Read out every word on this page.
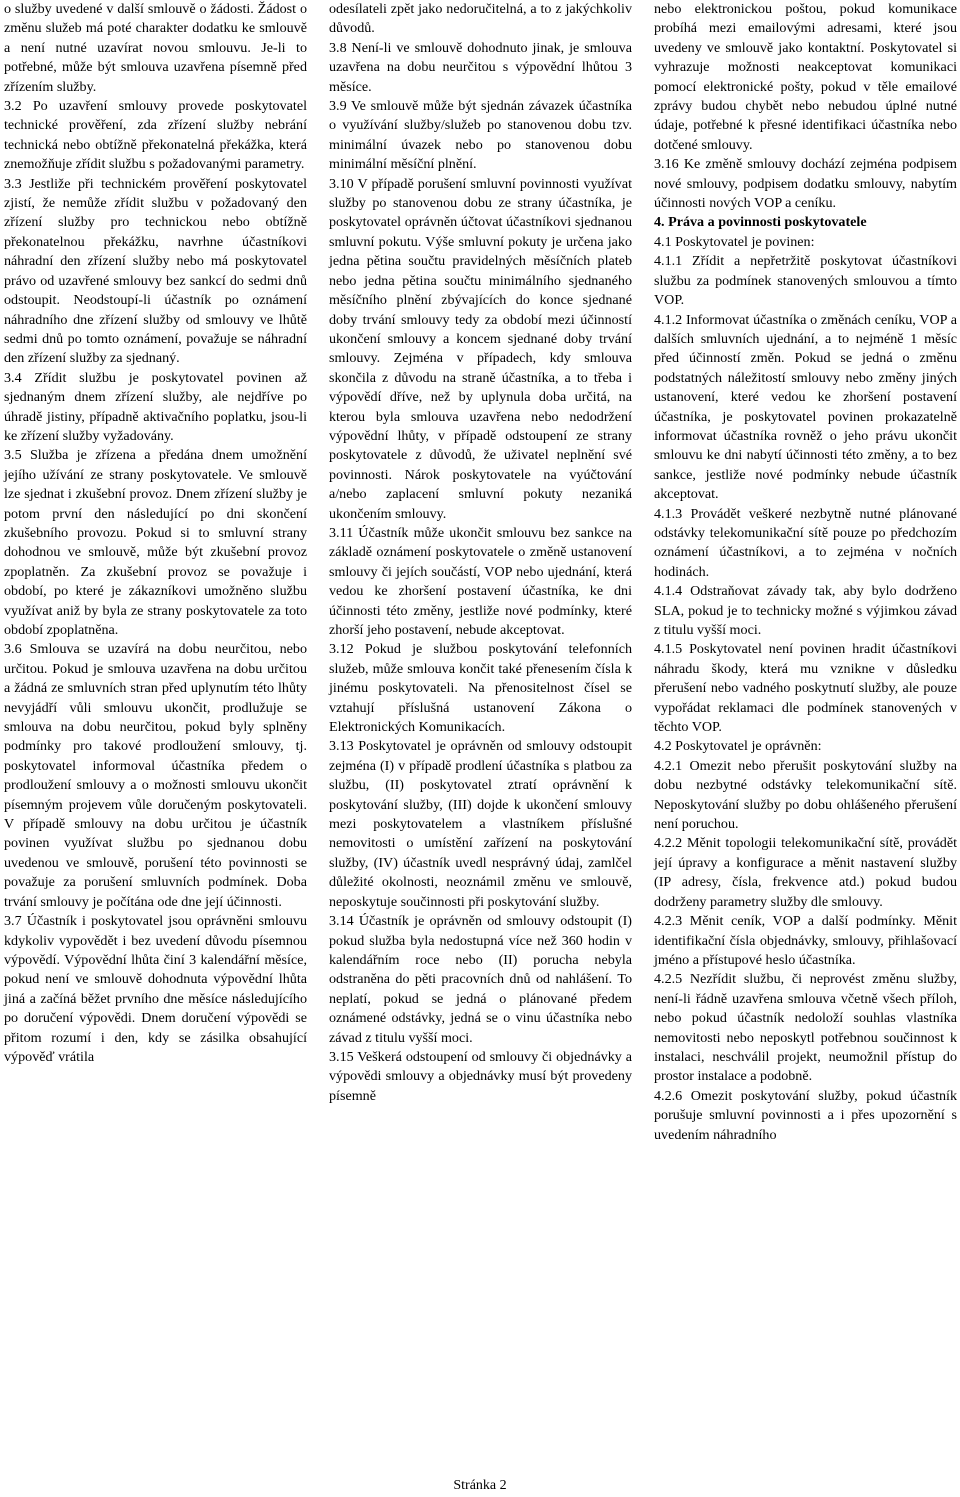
o služby uvedené v další smlouvě o žádosti. Žádost o změnu služeb má poté charakter dodatku ke smlouvě a není nutné uzavírat novou smlouvu. Je-li to potřebné, může být smlouva uzavřena písemně před zřízením služby.

3.2 Po uzavření smlouvy provede poskytovatel technické prověření, zda zřízení služby nebrání technická nebo obtížně překonatelná překážka, která znemožňuje zřídit službu s požadovanými parametry.

3.3 Jestliže při technickém prověření poskytovatel zjistí, že nemůže zřídit službu v požadovaný den zřízení služby pro technickou nebo obtížně překonatelnou překážku, navrhne účastníkovi náhradní den zřízení služby nebo má poskytovatel právo od uzavřené smlouvy bez sankcí do sedmi dnů odstoupit. Neodstoupí-li účastník po oznámení náhradního dne zřízení služby od smlouvy ve lhůtě sedmi dnů po tomto oznámení, považuje se náhradní den zřízení služby za sjednaný.

3.4 Zřídit službu je poskytovatel povinen až sjednaným dnem zřízení služby, ale nejdříve po úhradě jistiny, případně aktivačního poplatku, jsou-li ke zřízení služby vyžadovány.

3.5 Služba je zřízena a předána dnem umožnění jejího užívání ze strany poskytovatele. Ve smlouvě lze sjednat i zkušební provoz. Dnem zřízení služby je potom první den následující po dni skončení zkušebního provozu. Pokud si to smluvní strany dohodnou ve smlouvě, může být zkušební provoz zpoplatněn. Za zkušební provoz se považuje i období, po které je zákazníkovi umožněno službu využívat aniž by byla ze strany poskytovatele za toto období zpoplatněna.

3.6 Smlouva se uzavírá na dobu neurčitou, nebo určitou. Pokud je smlouva uzavřena na dobu určitou a žádná ze smluvních stran před uplynutím této lhůty nevyjádří vůli smlouvu ukončit, prodlužuje se smlouva na dobu neurčitou, pokud byly splněny podmínky pro takové prodloužení smlouvy, tj. poskytovatel informoval účastníka předem o prodloužení smlouvy a o možnosti smlouvu ukončit písemným projevem vůle doručeným poskytovateli. V případě smlouvy na dobu určitou je účastník povinen využívat službu po sjednanou dobu uvedenou ve smlouvě, porušení této povinnosti se považuje za porušení smluvních podmínek. Doba trvání smlouvy je počítána ode dne její účinnosti.

3.7 Účastník i poskytovatel jsou oprávněni smlouvu kdykoliv vypovědět i bez uvedení důvodu písemnou výpovědí. Výpovědní lhůta činí 3 kalendářní měsíce, pokud není ve smlouvě dohodnuta výpovědní lhůta jiná a začíná běžet prvního dne měsíce následujícího po doručení výpovědi. Dnem doručení výpovědi se přitom rozumí i den, kdy se zásilka obsahující výpověď vrátila

odesílateli zpět jako nedoručitelná, a to z jakýchkoliv důvodů.

3.8 Není-li ve smlouvě dohodnuto jinak, je smlouva uzavřena na dobu neurčitou s výpovědní lhůtou 3 měsíce.

3.9 Ve smlouvě může být sjednán závazek účastníka o využívání služby/služeb po stanovenou dobu tzv. minimální úvazek nebo po stanovenou dobu minimální měsíční plnění.

3.10 V případě porušení smluvní povinnosti využívat služby po stanovenou dobu ze strany účastníka, je poskytovatel oprávněn účtovat účastníkovi sjednanou smluvní pokutu. Výše smluvní pokuty je určena jako jedna pětina součtu pravidelných měsíčních plateb nebo jedna pětina součtu minimálního sjednaného měsíčního plnění zbývajících do konce sjednané doby trvání smlouvy tedy za období mezi účinností ukončení smlouvy a koncem sjednané doby trvání smlouvy. Zejména v případech, kdy smlouva skončila z důvodu na straně účastníka, a to třeba i výpovědí dříve, než by uplynula doba určitá, na kterou byla smlouva uzavřena nebo nedodržení výpovědní lhůty, v případě odstoupení ze strany poskytovatele z důvodů, že uživatel neplnění své povinnosti. Nárok poskytovatele na vyúčtování a/nebo zaplacení smluvní pokuty nezaniká ukončením smlouvy.

3.11 Účastník může ukončit smlouvu bez sankce na základě oznámení poskytovatele o změně ustanovení smlouvy či jejích součástí, VOP nebo ujednání, která vedou ke zhoršení postavení účastníka, ke dni účinnosti této změny, jestliže nové podmínky, které zhorší jeho postavení, nebude akceptovat.

3.12 Pokud je službou poskytování telefonních služeb, může smlouva končit také přenesením čísla k jinému poskytovateli. Na přenositelnost čísel se vztahují příslušná ustanovení Zákona o Elektronických Komunikacích.

3.13 Poskytovatel je oprávněn od smlouvy odstoupit zejména (I) v případě prodlení účastníka s platbou za službu, (II) poskytovatel ztratí oprávnění k poskytování služby, (III) dojde k ukončení smlouvy mezi poskytovatelem a vlastníkem příslušné nemovitosti o umístění zařízení na poskytování služby, (IV) účastník uvedl nesprávný údaj, zamlčel důležité okolnosti, neoznámil změnu ve smlouvě, neposkytuje součinnosti při poskytování služby.

3.14 Účastník je oprávněn od smlouvy odstoupit (I) pokud služba byla nedostupná více než 360 hodin v kalendářním roce nebo (II) porucha nebyla odstraněna do pěti pracovních dnů od nahlášení. To neplatí, pokud se jedná o plánované předem oznámené odstávky, jedná se o vinu účastníka nebo závad z titulu vyšší moci.

3.15 Veškerá odstoupení od smlouvy či objednávky a výpovědi smlouvy a objednávky musí být provedeny písemně

nebo elektronickou poštou, pokud komunikace probíhá mezi emailovými adresami, které jsou uvedeny ve smlouvě jako kontaktní. Poskytovatel si vyhrazuje možnosti neakceptovat komunikaci pomocí elektronické pošty, pokud v těle emailové zprávy budou chybět nebo nebudou úplné nutné údaje, potřebné k přesné identifikaci účastníka nebo dotčené smlouvy.

3.16 Ke změně smlouvy dochází zejména podpisem nové smlouvy, podpisem dodatku smlouvy, nabytím účinnosti nových VOP a ceníku.

4. Práva a povinnosti poskytovatele

4.1 Poskytovatel je povinen:

4.1.1 Zřídit a nepřetržitě poskytovat účastníkovi službu za podmínek stanovených smlouvou a tímto VOP.

4.1.2 Informovat účastníka o změnách ceníku, VOP a dalších smluvních ujednání, a to nejméně 1 měsíc před účinností změn. Pokud se jedná o změnu podstatných náležitostí smlouvy nebo změny jiných ustanovení, které vedou ke zhoršení postavení účastníka, je poskytovatel povinen prokazatelně informovat účastníka rovněž o jeho právu ukončit smlouvu ke dni nabytí účinnosti této změny, a to bez sankce, jestliže nové podmínky nebude účastník akceptovat.

4.1.3 Provádět veškeré nezbytně nutné plánované odstávky telekomunikační sítě pouze po předchozím oznámení účastníkovi, a to zejména v nočních hodinách.

4.1.4 Odstraňovat závady tak, aby bylo dodrženo SLA, pokud je to technicky možné s výjimkou závad z titulu vyšší moci.

4.1.5 Poskytovatel není povinen hradit účastníkovi náhradu škody, která mu vznikne v důsledku přerušení nebo vadného poskytnutí služby, ale pouze vypořádat reklamaci dle podmínek stanovených v těchto VOP.

4.2 Poskytovatel je oprávněn:

4.2.1 Omezit nebo přerušit poskytování služby na dobu nezbytné odstávky telekomunikační sítě. Neposkytování služby po dobu ohlášeného přerušení není poruchou.

4.2.2 Měnit topologii telekomunikační sítě, provádět její úpravy a konfigurace a měnit nastavení služby (IP adresy, čísla, frekvence atd.) pokud budou dodrženy parametry služby dle smlouvy.

4.2.3 Měnit ceník, VOP a další podmínky. Měnit identifikační čísla objednávky, smlouvy, přihlašovací jméno a přístupové heslo účastníka.

4.2.5 Nezřídit službu, či neprovést změnu služby, není-li řádně uzavřena smlouva včetně všech příloh, nebo pokud účastník nedoloží souhlas vlastníka nemovitosti nebo neposkytl potřebnou součinnost k instalaci, neschválil projekt, neumožnil přístup do prostor instalace a podobně.

4.2.6 Omezit poskytování služby, pokud účastník porušuje smluvní povinnosti a i přes upozornění s uvedením náhradního

Stránka 2
